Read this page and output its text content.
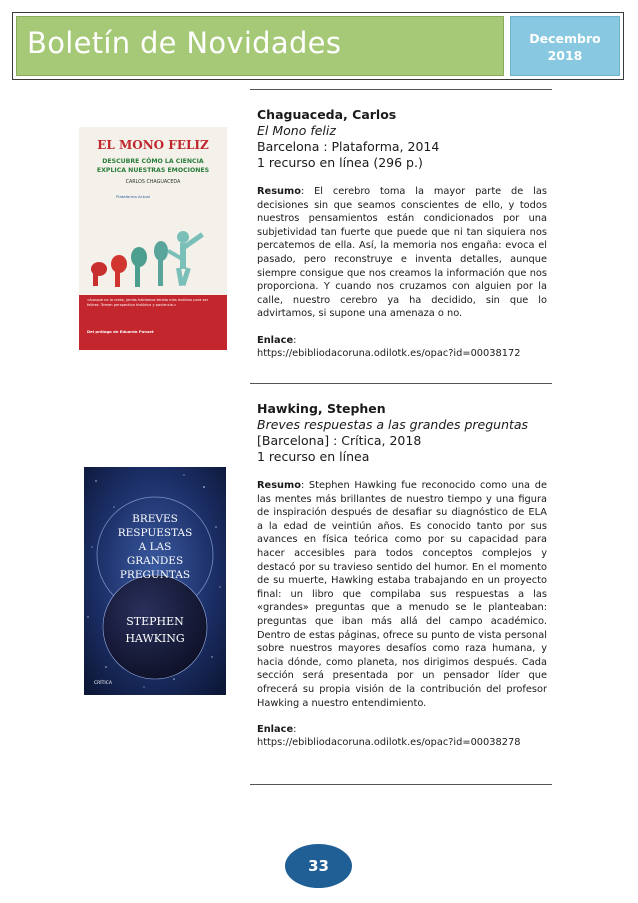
Boletín de Novidades	Decembro
2018
EL MONO FELIZ
DESCUBRE CÓMO LA CIENCIA
EXPLICA NUESTRAS EMOCIONES
CARLOS CHAGUACEDA
Plataforma Actual
«Aunque no lo creas, jamás habíamos tenido más motivos para ser felices. Tomen perspectiva histórica y paciencia.»
Del prólogo de Eduardo Punset

Chaguaceda, Carlos

El Mono feliz

Barcelona : Plataforma, 2014

1 recurso en línea (296 p.)

Resumo: El cerebro toma la mayor parte de las decisiones sin que seamos conscientes de ello, y todos nuestros pensamientos están condicionados por una subjetividad tan fuerte que puede que ni tan siquiera nos percatemos de ella. Así, la memoria nos engaña: evoca el pasado, pero reconstruye e inventa detalles, aunque siempre consigue que nos creamos la información que nos proporciona. Y cuando nos cruzamos con alguien por la calle, nuestro cerebro ya ha decidido, sin que lo advirtamos, si supone una amenaza o no.

Enlace:

https://ebibliodacoruna.odilotk.es/opac?id=00038172
BREVES
RESPUESTAS
A LAS
GRANDES
PREGUNTAS
STEPHEN
HAWKING
CRÍTICA

Hawking, Stephen

Breves respuestas a las grandes preguntas

[Barcelona] : Crítica, 2018

1 recurso en línea

Resumo: Stephen Hawking fue reconocido como una de las mentes más brillantes de nuestro tiempo y una figura de inspiración después de desafiar su diagnóstico de ELA a la edad de veintiún años. Es conocido tanto por sus avances en física teórica como por su capacidad para hacer accesibles para todos conceptos complejos y destacó por su travieso sentido del humor. En el momento de su muerte, Hawking estaba trabajando en un proyecto final: un libro que compilaba sus respuestas a las «grandes» preguntas que a menudo se le planteaban: preguntas que iban más allá del campo académico. Dentro de estas páginas, ofrece su punto de vista personal sobre nuestros mayores desafíos como raza humana, y hacia dónde, como planeta, nos dirigimos después. Cada sección será presentada por un pensador líder que ofrecerá su propia visión de la contribución del profesor Hawking a nuestro entendimiento.

Enlace:

https://ebibliodacoruna.odilotk.es/opac?id=00038278
33
